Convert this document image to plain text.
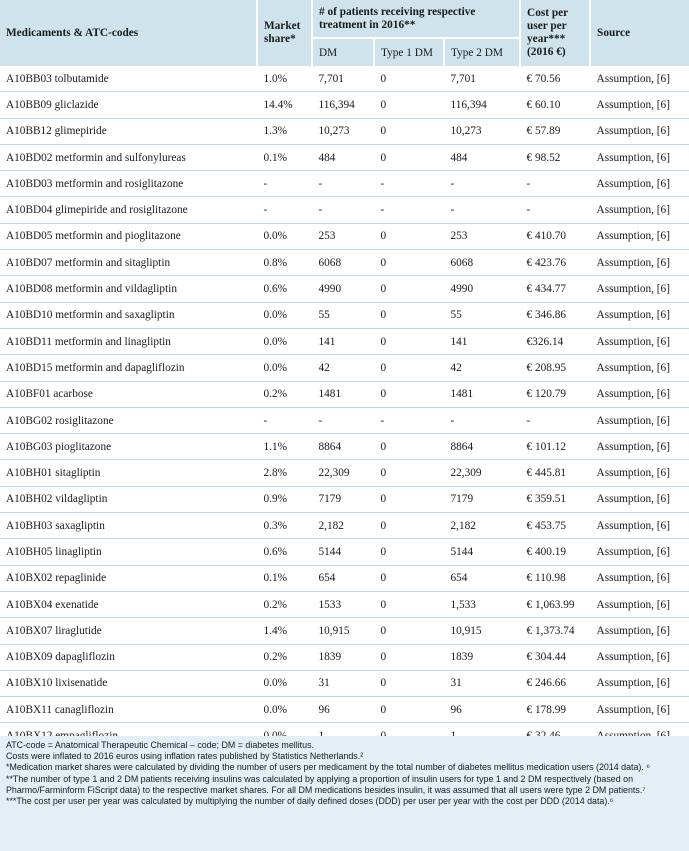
Medicaments & ATC-codes	Market share*	# of patients receiving respective treatment in 2016**			Cost per user per year*** (2016 €)	Source
		DM	Type 1 DM	Type 2 DM		
A10BB03 tolbutamide	1.0%	7,701	0	7,701	€ 70.56	Assumption, [6]
A10BB09 gliclazide	14.4%	116,394	0	116,394	€ 60.10	Assumption, [6]
A10BB12 glimepiride	1.3%	10,273	0	10,273	€ 57.89	Assumption, [6]
A10BD02 metformin and sulfonylureas	0.1%	484	0	484	€ 98.52	Assumption, [6]
A10BD03 metformin and rosiglitazone	-	-	-	-	-	Assumption, [6]
A10BD04 glimepiride and rosiglitazone	-	-	-	-	-	Assumption, [6]
A10BD05 metformin and pioglitazone	0.0%	253	0	253	€ 410.70	Assumption, [6]
A10BD07 metformin and sitagliptin	0.8%	6068	0	6068	€ 423.76	Assumption, [6]
A10BD08 metformin and vildagliptin	0.6%	4990	0	4990	€ 434.77	Assumption, [6]
A10BD10 metformin and saxagliptin	0.0%	55	0	55	€ 346.86	Assumption, [6]
A10BD11 metformin and linagliptin	0.0%	141	0	141	€326.14	Assumption, [6]
A10BD15 metformin and dapagliflozin	0.0%	42	0	42	€ 208.95	Assumption, [6]
A10BF01 acarbose	0.2%	1481	0	1481	€ 120.79	Assumption, [6]
A10BG02 rosiglitazone	-	-	-	-	-	Assumption, [6]
A10BG03 pioglitazone	1.1%	8864	0	8864	€ 101.12	Assumption, [6]
A10BH01 sitagliptin	2.8%	22,309	0	22,309	€ 445.81	Assumption, [6]
A10BH02 vildagliptin	0.9%	7179	0	7179	€ 359.51	Assumption, [6]
A10BH03 saxagliptin	0.3%	2,182	0	2,182	€ 453.75	Assumption, [6]
A10BH05 linagliptin	0.6%	5144	0	5144	€ 400.19	Assumption, [6]
A10BX02 repaglinide	0.1%	654	0	654	€ 110.98	Assumption, [6]
A10BX04 exenatide	0.2%	1533	0	1,533	€ 1,063.99	Assumption, [6]
A10BX07 liraglutide	1.4%	10,915	0	10,915	€ 1,373.74	Assumption, [6]
A10BX09 dapagliflozin	0.2%	1839	0	1839	€ 304.44	Assumption, [6]
A10BX10 lixisenatide	0.0%	31	0	31	€ 246.66	Assumption, [6]
A10BX11 canagliflozin	0.0%	96	0	96	€ 178.99	Assumption, [6]

ATC-code = Anatomical Therapeutic Chemical – code; DM = diabetes mellitus.

Costs were inflated to 2016 euros using inflation rates published by Statistics Netherlands.²

*Medication market shares were calculated by dividing the number of users per medicament by the total number of diabetes mellitus medication users (2014 data). ⁶

**The number of type 1 and 2 DM patients receiving insulins was calculated by applying a proportion of insulin users for type 1 and 2 DM respectively (based on Pharmo/Farminform FiScript data) to the respective market shares. For all DM medications besides insulin, it was assumed that all users were type 2 DM patients.⁷

***The cost per user per year was calculated by multiplying the number of daily defined doses (DDD) per user per year with the cost per DDD (2014 data).⁶
